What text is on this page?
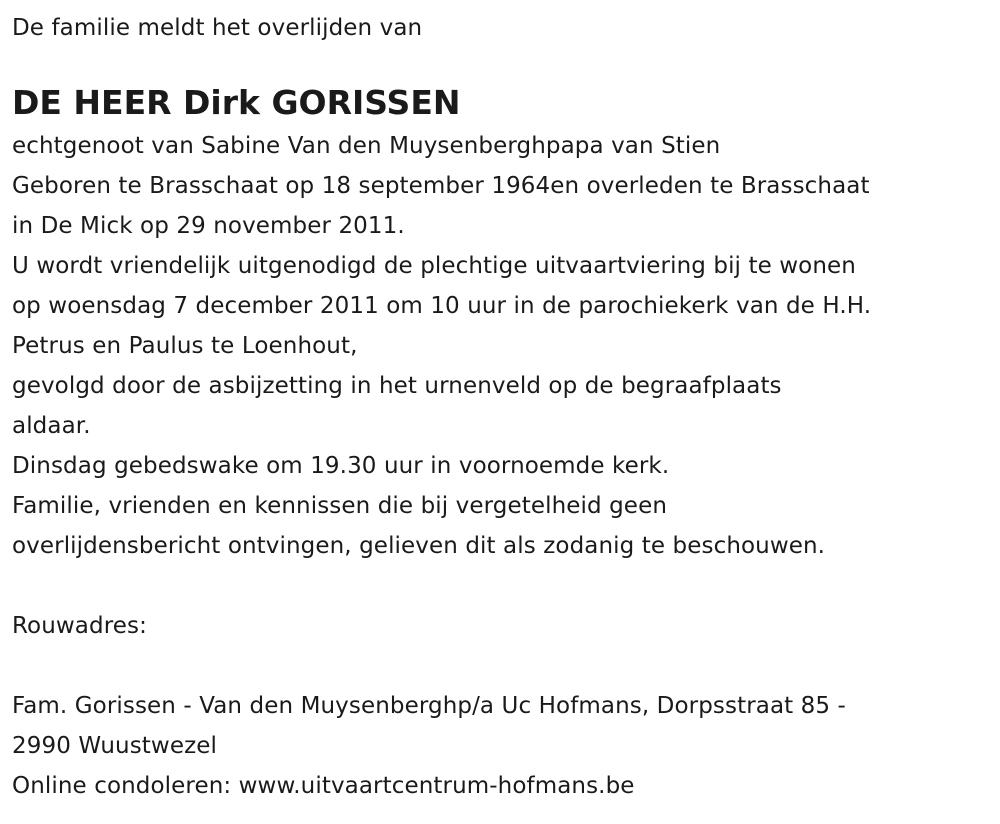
De familie meldt het overlijden van
DE HEER Dirk GORISSEN
echtgenoot van Sabine Van den Muysenberghpapa van Stien
Geboren te Brasschaat op 18 september 1964en overleden te Brasschaat
in De Mick op 29 november 2011.
U wordt vriendelijk uitgenodigd de plechtige uitvaartviering bij te wonen
op woensdag 7 december 2011 om 10 uur in de parochiekerk van de H.H.
Petrus en Paulus te Loenhout,
gevolgd door de asbijzetting in het urnenveld op de begraafplaats
aldaar.
Dinsdag gebedswake om 19.30 uur in voornoemde kerk.
Familie, vrienden en kennissen die bij vergetelheid geen
overlijdensbericht ontvingen, gelieven dit als zodanig te beschouwen.
Rouwadres:
Fam. Gorissen - Van den Muysenberghp/a Uc Hofmans, Dorpsstraat 85 -
2990 Wuustwezel
Online condoleren: www.uitvaartcentrum-hofmans.be
